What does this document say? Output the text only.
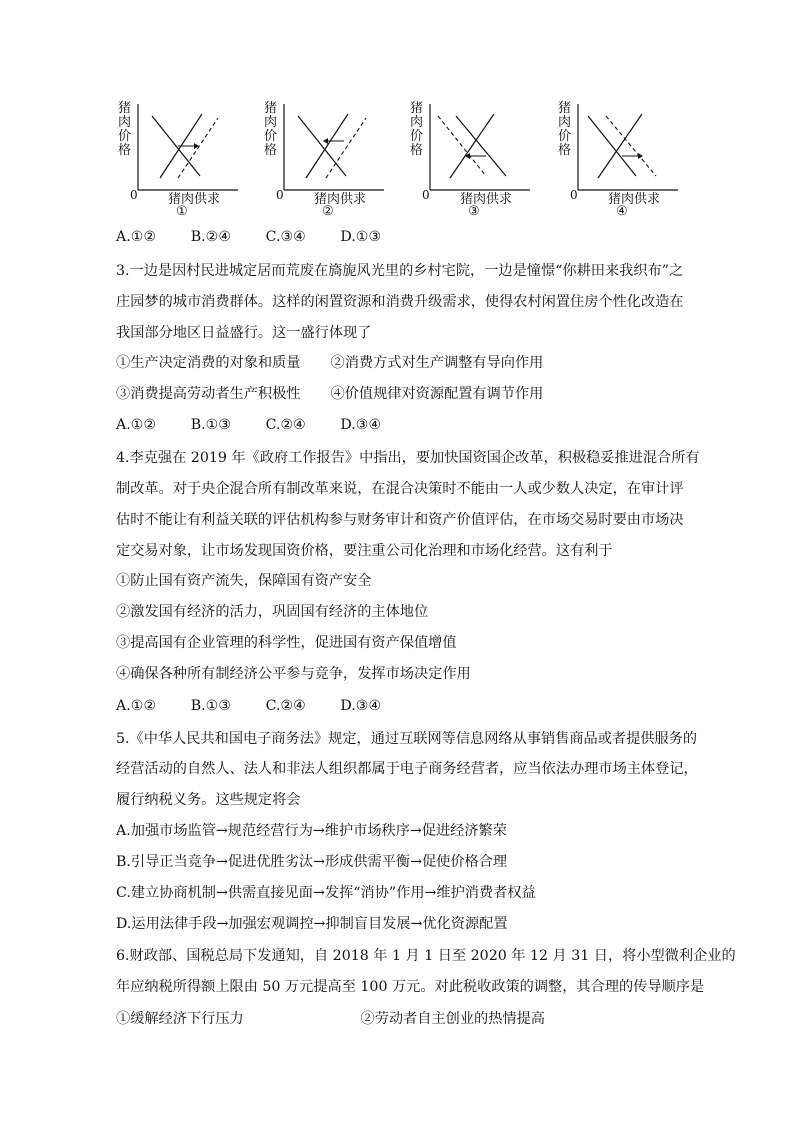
猪肉价格
0 猪肉供求
①
猪肉价格
0 猪肉供求
②
猪肉价格
0 猪肉供求
③
猪肉价格
0 猪肉供求
④
A.①② B.②④ C.③④ D.①③
3.一边是因村民进城定居而荒废在旖旎风光里的乡村宅院，一边是憧憬“你耕田来我织布”之
庄园梦的城市消费群体。这样的闲置资源和消费升级需求，使得农村闲置住房个性化改造在
我国部分地区日益盛行。这一盛行体现了
①生产决定消费的对象和质量 ②消费方式对生产调整有导向作用
③消费提高劳动者生产积极性 ④价值规律对资源配置有调节作用
A.①② B.①③ C.②④ D.③④
4.李克强在 2019 年《政府工作报告》中指出，要加快国资国企改革，积极稳妥推进混合所有
制改革。对于央企混合所有制改革来说，在混合决策时不能由一人或少数人决定，在审计评
估时不能让有利益关联的评估机构参与财务审计和资产价值评估，在市场交易时要由市场决
定交易对象，让市场发现国资价格，要注重公司化治理和市场化经营。这有利于
①防止国有资产流失，保障国有资产安全
②激发国有经济的活力，巩固国有经济的主体地位
③提高国有企业管理的科学性，促进国有资产保值增值
④确保各种所有制经济公平参与竞争，发挥市场决定作用
A.①② B.①③ C.②④ D.③④
5.《中华人民共和国电子商务法》规定，通过互联网等信息网络从事销售商品或者提供服务的
经营活动的自然人、法人和非法人组织都属于电子商务经营者，应当依法办理市场主体登记，
履行纳税义务。这些规定将会
A.加强市场监管→规范经营行为→维护市场秩序→促进经济繁荣
B.引导正当竞争→促进优胜劣汰→形成供需平衡→促使价格合理
C.建立协商机制→供需直接见面→发挥“消协”作用→维护消费者权益
D.运用法律手段→加强宏观调控→抑制盲目发展→优化资源配置
6.财政部、国税总局下发通知，自 2018 年 1 月 1 日至 2020 年 12 月 31 日，将小型微利企业的
年应纳税所得额上限由 50 万元提高至 100 万元。对此税收政策的调整，其合理的传导顺序是
①缓解经济下行压力	②劳动者自主创业的热情提高
